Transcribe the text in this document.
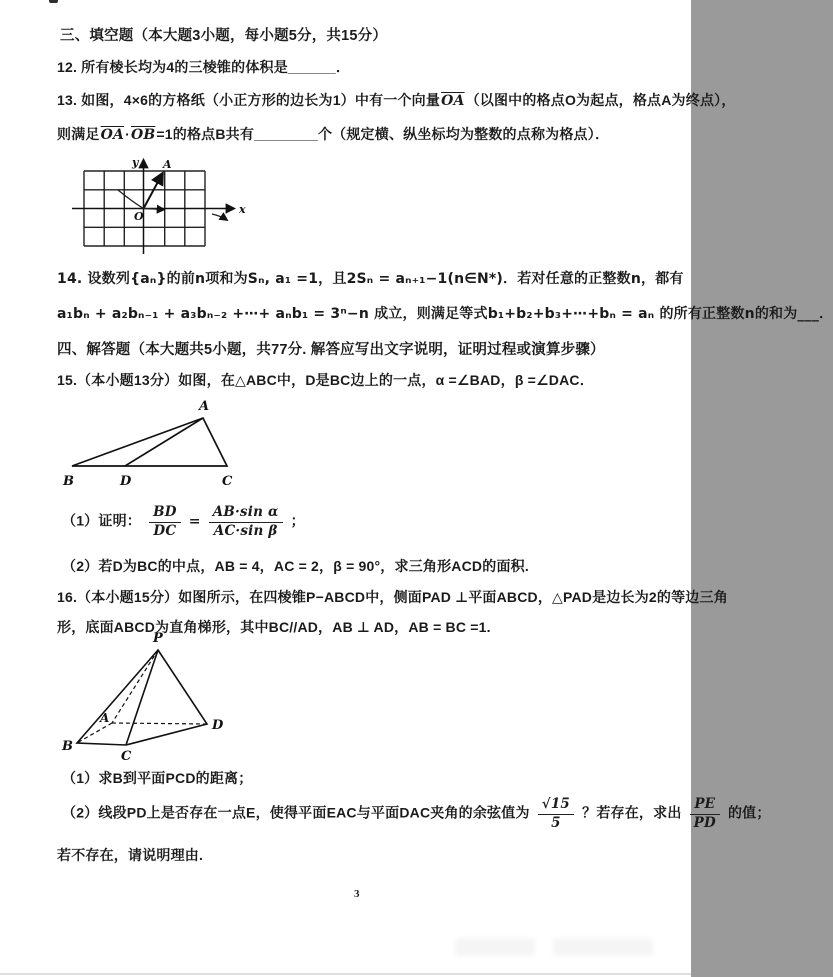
三、填空题（本大题3小题，每小题5分，共15分）
12. 所有棱长均为4的三棱锥的体积是______．
13. 如图，4×6的方格纸（小正方形的边长为1）中有一个向量$\overline{OA}$（以图中的格点O为起点，格点A为终点），
则满足$\overline{OA}\cdot\overline{OB}=1$的格点B共有________个（规定横、纵坐标均为整数的点称为格点）．
x
y
O
A
14. 设数列{aₙ}的前n项和为Sₙ, a₁ =1，且2Sₙ = aₙ₊₁−1(n∈N*)．若对任意的正整数n，都有
a₁bₙ + a₂bₙ₋₁ + a₃bₙ₋₂ +⋯+ aₙb₁ = 3ⁿ−n 成立，则满足等式b₁+b₂+b₃+⋯+bₙ = aₙ 的所有正整数n的和为___．
四、解答题（本大题共5小题，共77分. 解答应写出文字说明，证明过程或演算步骤）
15.（本小题13分）如图，在△ABC中，D是BC边上的一点，α =∠BAD，β =∠DAC．
A
B	D	C
（1）证明： $\frac{BD}{DC} = \frac{\text{AB·sin α}}{\text{AC·sin β}}$ ；
（2）若D为BC的中点，AB = 4，AC = 2，β = 90°，求三角形ACD的面积.
16.（本小题15分）如图所示，在四棱锥P−ABCD中，侧面PAD ⊥平面ABCD，△PAD是边长为2的等边三角
形，底面ABCD为直角梯形，其中BC//AD，AB ⊥ AD，AB = BC =1.
P
A
B
C
D
（1）求B到平面PCD的距离；
（2）线段PD上是否存在一点E，使得平面EAC与平面DAC夹角的余弦值为 $\frac{√15}{5}$ ？若存在，求出 $\frac{PE}{PD}$ 的值；
若不存在，请说明理由.
3
